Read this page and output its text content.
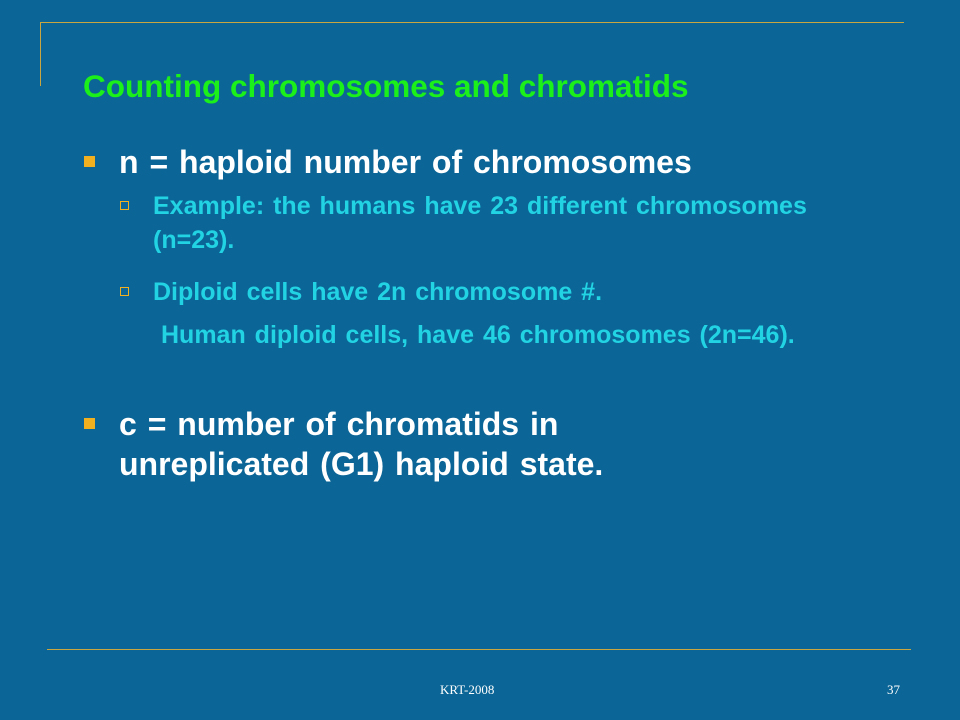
Counting chromosomes and chromatids
n = haploid number of chromosomes
Example: the humans have 23 different chromosomes (n=23).
Diploid cells have 2n chromosome #.
Human diploid cells, have 46 chromosomes (2n=46).
c = number of chromatids in unreplicated (G1) haploid state.
KRT-2008	37
